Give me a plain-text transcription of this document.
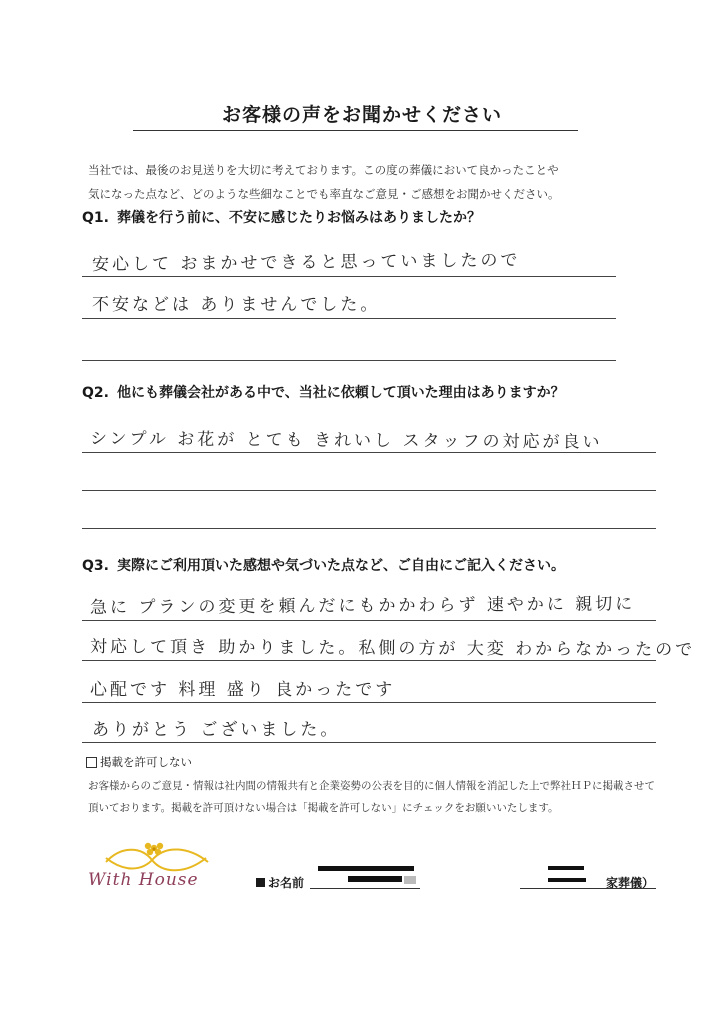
お客様の声をお聞かせください
当社では、最後のお見送りを大切に考えております。この度の葬儀において良かったことや
気になった点など、どのような些細なことでも率直なご意見・ご感想をお聞かせください。
Q1. 葬儀を行う前に、不安に感じたりお悩みはありましたか？
安心して おまかせできると思っていましたので
不安などは ありませんでした。
Q2. 他にも葬儀会社がある中で、当社に依頼して頂いた理由はありますか？
シンプル お花が とても きれいし スタッフの対応が良い
Q3. 実際にご利用頂いた感想や気づいた点など、ご自由にご記入ください。
急に プランの変更を頼んだにもかかわらず 速やかに 親切に
対応して頂き 助かりました。私側の方が 大変 わからなかったので
心配です 料理 盛り 良かったです
ありがとう ございました。
掲載を許可しない
お客様からのご意見・情報は社内間の情報共有と企業姿勢の公表を目的に個人情報を消記した上で弊社ＨＰに掲載させて
頂いております。掲載を許可頂けない場合は「掲載を許可しない」にチェックをお願いいたします。
With House	お名前	家葬儀）
